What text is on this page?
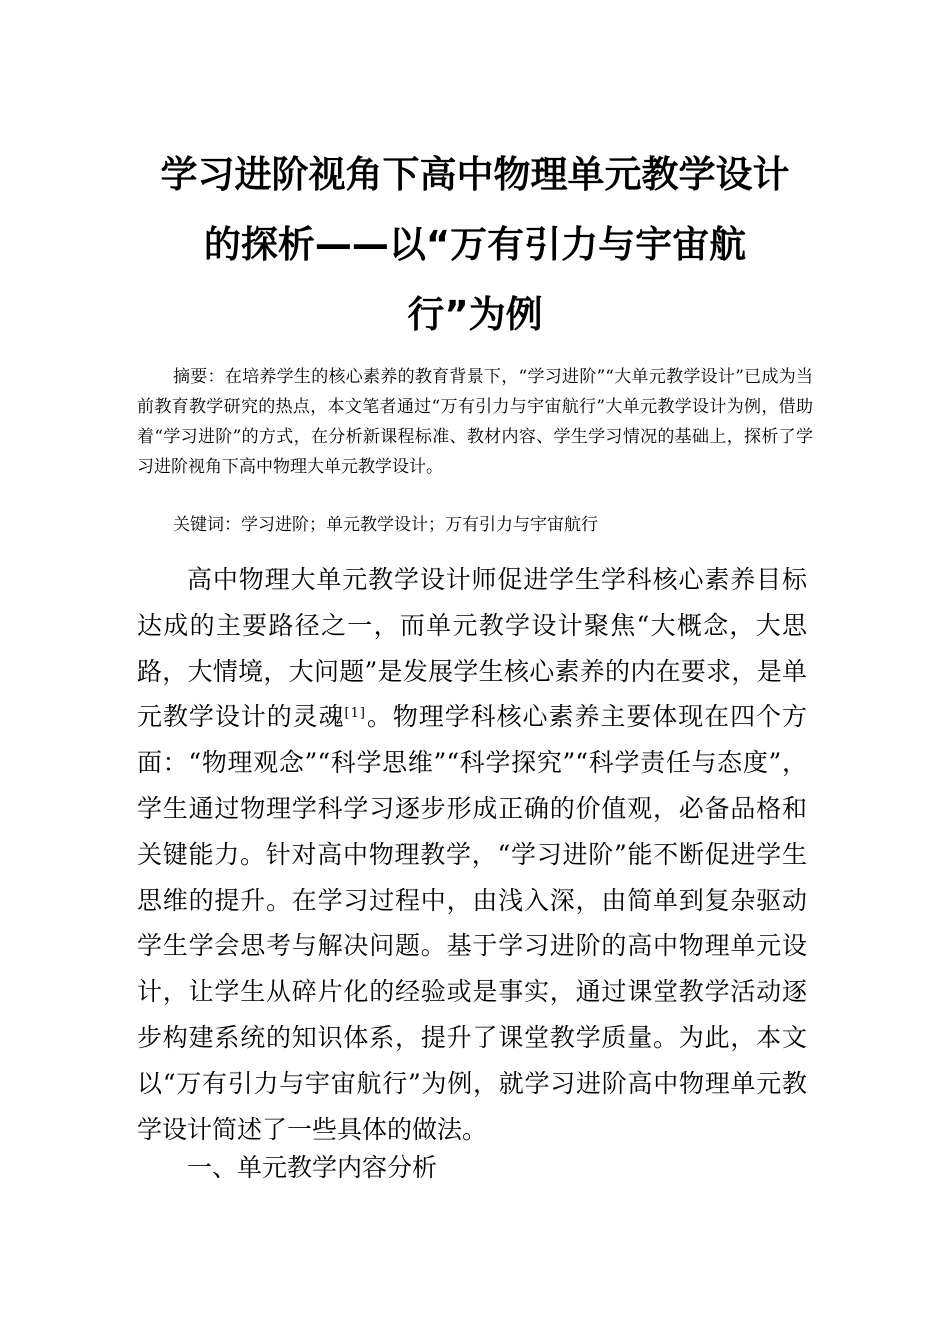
学习进阶视角下高中物理单元教学设计
的探析——以“万有引力与宇宙航
行”为例

摘要：在培养学生的核心素养的教育背景下，“学习进阶”“大单元教学设计”已成为当前教育教学研究的热点，本文笔者通过“万有引力与宇宙航行”大单元教学设计为例，借助着“学习进阶”的方式，在分析新课程标准、教材内容、学生学习情况的基础上，探析了学习进阶视角下高中物理大单元教学设计。

关键词：学习进阶；单元教学设计；万有引力与宇宙航行

高中物理大单元教学设计师促进学生学科核心素养目标达成的主要路径之一，而单元教学设计聚焦“大概念，大思路，大情境，大问题”是发展学生核心素养的内在要求，是单元教学设计的灵魂[1]。物理学科核心素养主要体现在四个方面：“物理观念”“科学思维”“科学探究”“科学责任与态度”，学生通过物理学科学习逐步形成正确的价值观，必备品格和关键能力。针对高中物理教学，“学习进阶”能不断促进学生思维的提升。在学习过程中，由浅入深，由简单到复杂驱动学生学会思考与解决问题。基于学习进阶的高中物理单元设计，让学生从碎片化的经验或是事实，通过课堂教学活动逐步构建系统的知识体系，提升了课堂教学质量。为此，本文以“万有引力与宇宙航行”为例，就学习进阶高中物理单元教学设计简述了一些具体的做法。

一、单元教学内容分析
